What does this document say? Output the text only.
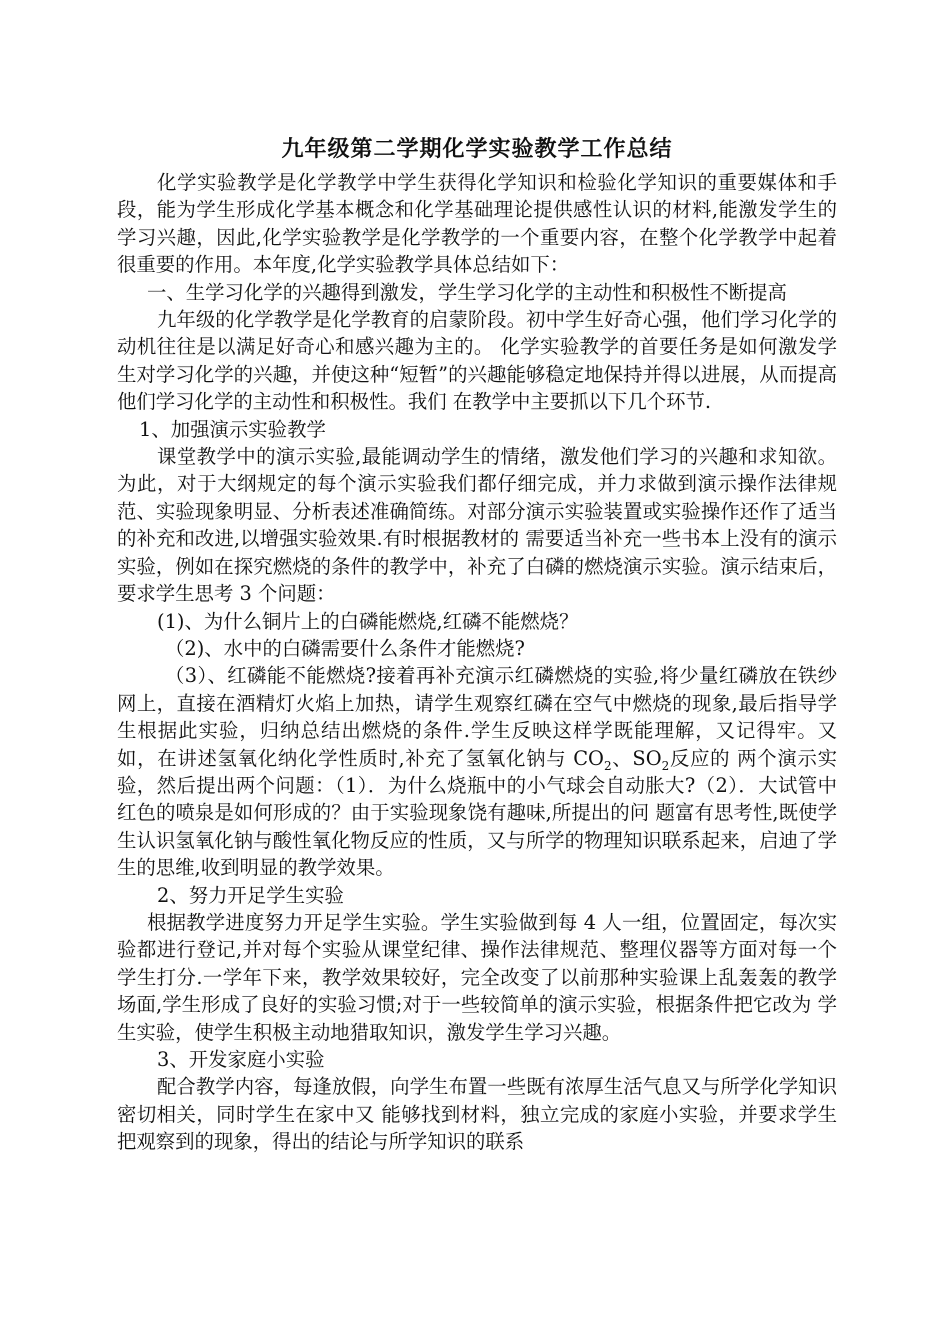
九年级第二学期化学实验教学工作总结

化学实验教学是化学教学中学生获得化学知识和检验化学知识的重要媒体和手段，能为学生形成化学基本概念和化学基础理论提供感性认识的材料,能激发学生的学习兴趣，因此,化学实验教学是化学教学的一个重要内容，在整个化学教学中起着很重要的作用。本年度,化学实验教学具体总结如下：

一、生学习化学的兴趣得到激发，学生学习化学的主动性和积极性不断提高

九年级的化学教学是化学教育的启蒙阶段。初中学生好奇心强，他们学习化学的动机往往是以满足好奇心和感兴趣为主的。 化学实验教学的首要任务是如何激发学生对学习化学的兴趣，并使这种“短暂”的兴趣能够稳定地保持并得以进展，从而提高他们学习化学的主动性和积极性。我们 在教学中主要抓以下几个环节.

1、加强演示实验教学

课堂教学中的演示实验,最能调动学生的情绪，激发他们学习的兴趣和求知欲。为此，对于大纲规定的每个演示实验我们都仔细完成，并力求做到演示操作法律规范、实验现象明显、分析表述准确简练。对部分演示实验装置或实验操作还作了适当的补充和改进,以增强实验效果.有时根据教材的 需要适当补充一些书本上没有的演示实验，例如在探究燃烧的条件的教学中，补充了白磷的燃烧演示实验。演示结束后，要求学生思考 3 个问题：

(1)、为什么铜片上的白磷能燃烧,红磷不能燃烧？

（2)、水中的白磷需要什么条件才能燃烧?

（3）、红磷能不能燃烧?接着再补充演示红磷燃烧的实验,将少量红磷放在铁纱网上，直接在酒精灯火焰上加热，请学生观察红磷在空气中燃烧的现象,最后指导学生根据此实验，归纳总结出燃烧的条件.学生反映这样学既能理解，又记得牢。又如，在讲述氢氧化纳化学性质时,补充了氢氧化钠与 $CO_2$、$SO_2$反应的 两个演示实验，然后提出两个问题：（1）．为什么烧瓶中的小气球会自动胀大?（2）．大试管中红色的喷泉是如何形成的？由于实验现象饶有趣味,所提出的问 题富有思考性,既使学生认识氢氧化钠与酸性氧化物反应的性质，又与所学的物理知识联系起来，启迪了学生的思维,收到明显的教学效果。

2、努力开足学生实验

根据教学进度努力开足学生实验。学生实验做到每 4 人一组，位置固定，每次实验都进行登记,并对每个实验从课堂纪律、操作法律规范、整理仪器等方面对每一个学生打分.一学年下来，教学效果较好，完全改变了以前那种实验课上乱轰轰的教学场面,学生形成了良好的实验习惯;对于一些较简单的演示实验，根据条件把它改为 学生实验，使学生积极主动地猎取知识，激发学生学习兴趣。

3、开发家庭小实验

配合教学内容，每逢放假，向学生布置一些既有浓厚生活气息又与所学化学知识密切相关，同时学生在家中又 能够找到材料，独立完成的家庭小实验，并要求学生把观察到的现象，得出的结论与所学知识的联系
